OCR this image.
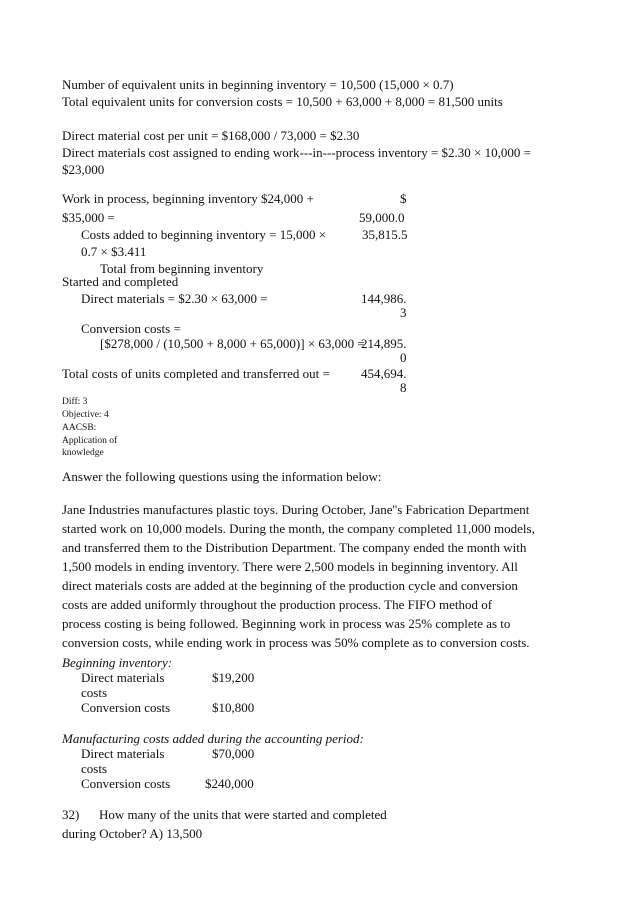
Number of equivalent units in beginning inventory = 10,500 (15,000 × 0.7)
Total equivalent units for conversion costs = 10,500 + 63,000 + 8,000 = 81,500 units
Direct material cost per unit = $168,000 / 73,000 = $2.30
Direct materials cost assigned to ending work---in---process inventory = $2.30 × 10,000 =
$23,000
Work in process, beginning inventory $24,000 +	$
$35,000 =	59,000.0
Costs added to beginning inventory = 15,000 ×	35,815.5
0.7 × $3.411
Total from beginning inventory
Started and completed
Direct materials = $2.30 × 63,000 =	144,986.
3
Conversion costs =
[$278,000 / (10,500 + 8,000 + 65,000)] × 63,000 =
214,895.
0
Total costs of units completed and transferred out = 454,694.
8
Diff: 3
Objective: 4
AACSB:
Application of
knowledge
Answer the following questions using the information below:
Jane Industries manufactures plastic toys. During October, Jane''s Fabrication Department
started work on 10,000 models. During the month, the company completed 11,000 models,
and transferred them to the Distribution Department. The company ended the month with
1,500 models in ending inventory. There were 2,500 models in beginning inventory. All
direct materials costs are added at the beginning of the production cycle and conversion
costs are added uniformly throughout the production process. The FIFO method of
process costing is being followed. Beginning work in process was 25% complete as to
conversion costs, while ending work in process was 50% complete as to conversion costs.
Beginning inventory:
Direct materials	$19,200
costs
Conversion costs	$10,800
Manufacturing costs added during the accounting period:
Direct materials	$70,000
costs
Conversion costs	$240,000
32) How many of the units that were started and completed
during October? A) 13,500
